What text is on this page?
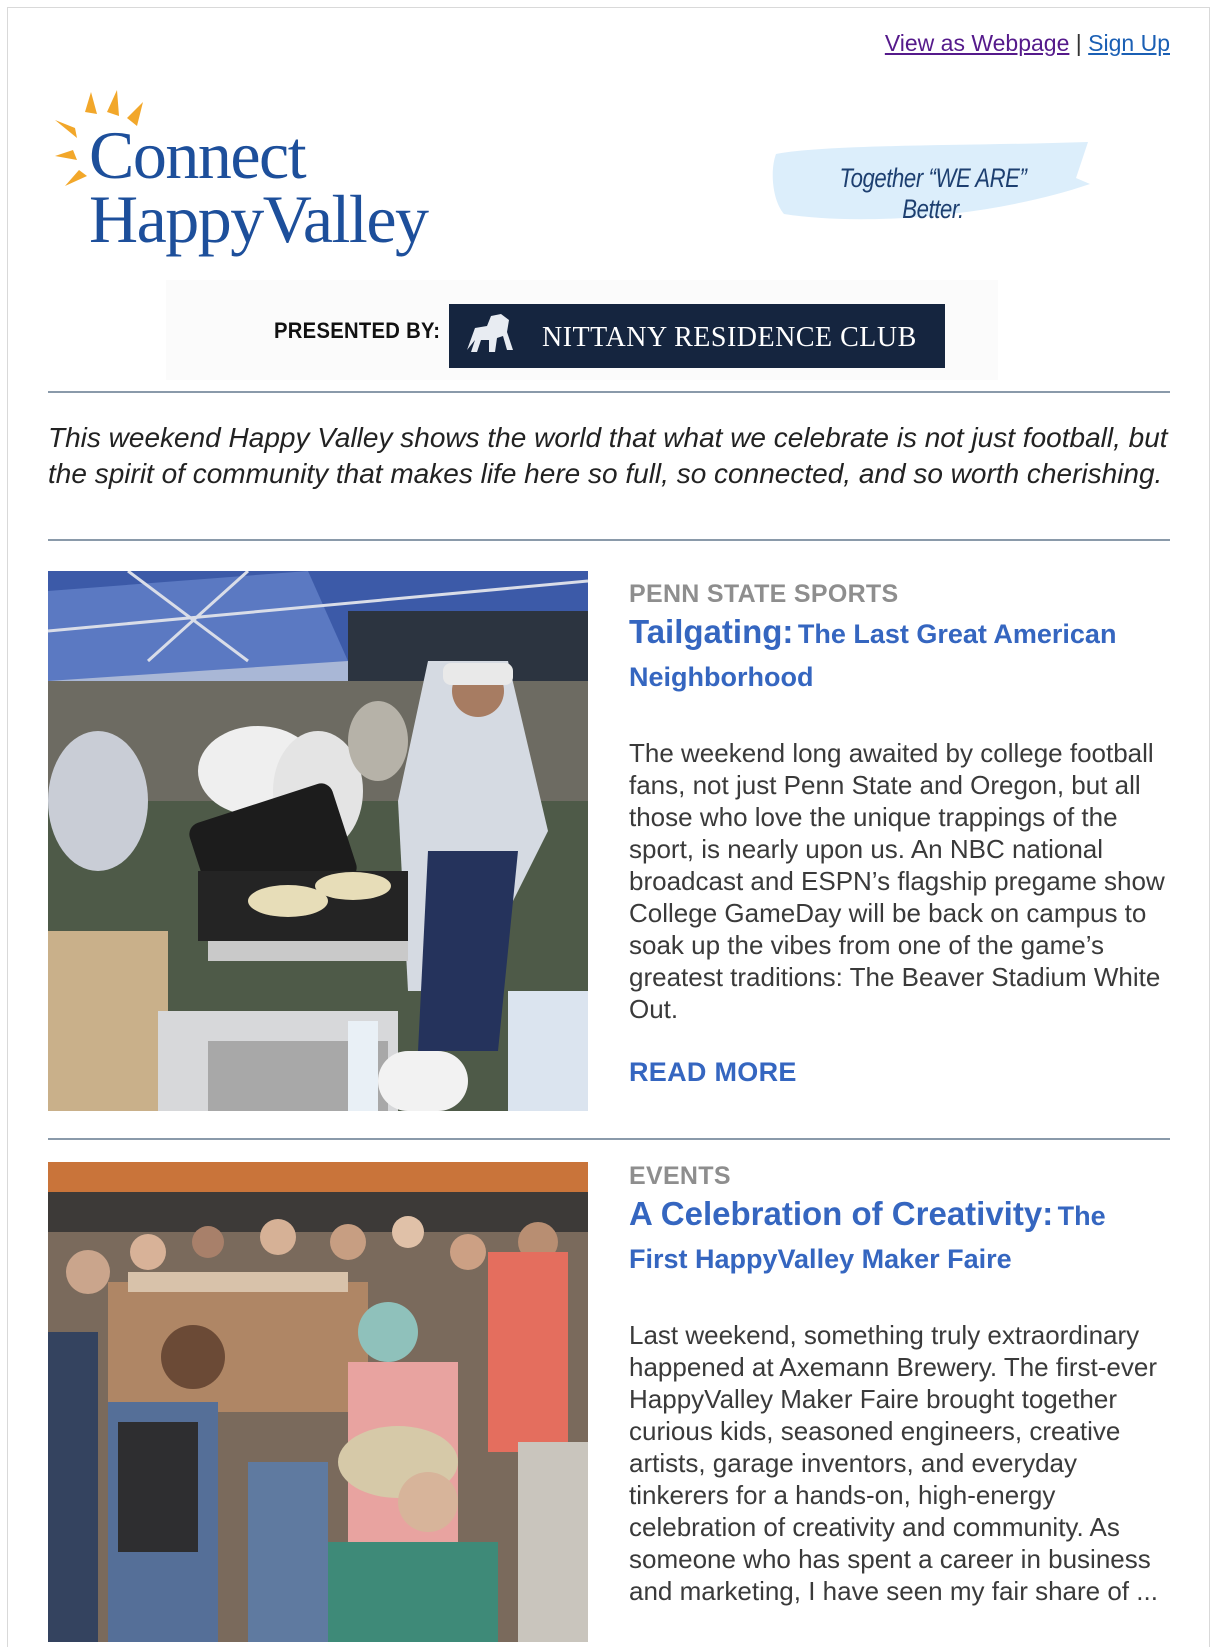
View as Webpage | Sign Up
Connect
HappyValley
Together “WE ARE” Better.
PRESENTED BY:	NITTANY RESIDENCE CLUB
This weekend Happy Valley shows the world that what we celebrate is not just football, but the spirit of community that makes life here so full, so connected, and so worth cherishing.
PENN STATE SPORTS
Tailgating: The Last Great American Neighborhood
The weekend long awaited by college football fans, not just Penn State and Oregon, but all those who love the unique trappings of the sport, is nearly upon us. An NBC national broadcast and ESPN’s flagship pregame show College GameDay will be back on campus to soak up the vibes from one of the game’s greatest traditions: The Beaver Stadium White Out.
READ MORE
EVENTS
A Celebration of Creativity: The First HappyValley Maker Faire
Last weekend, something truly extraordinary happened at Axemann Brewery. The first-ever HappyValley Maker Faire brought together curious kids, seasoned engineers, creative artists, garage inventors, and everyday tinkerers for a hands-on, high-energy celebration of creativity and community. As someone who has spent a career in business and marketing, I have seen my fair share of ...
